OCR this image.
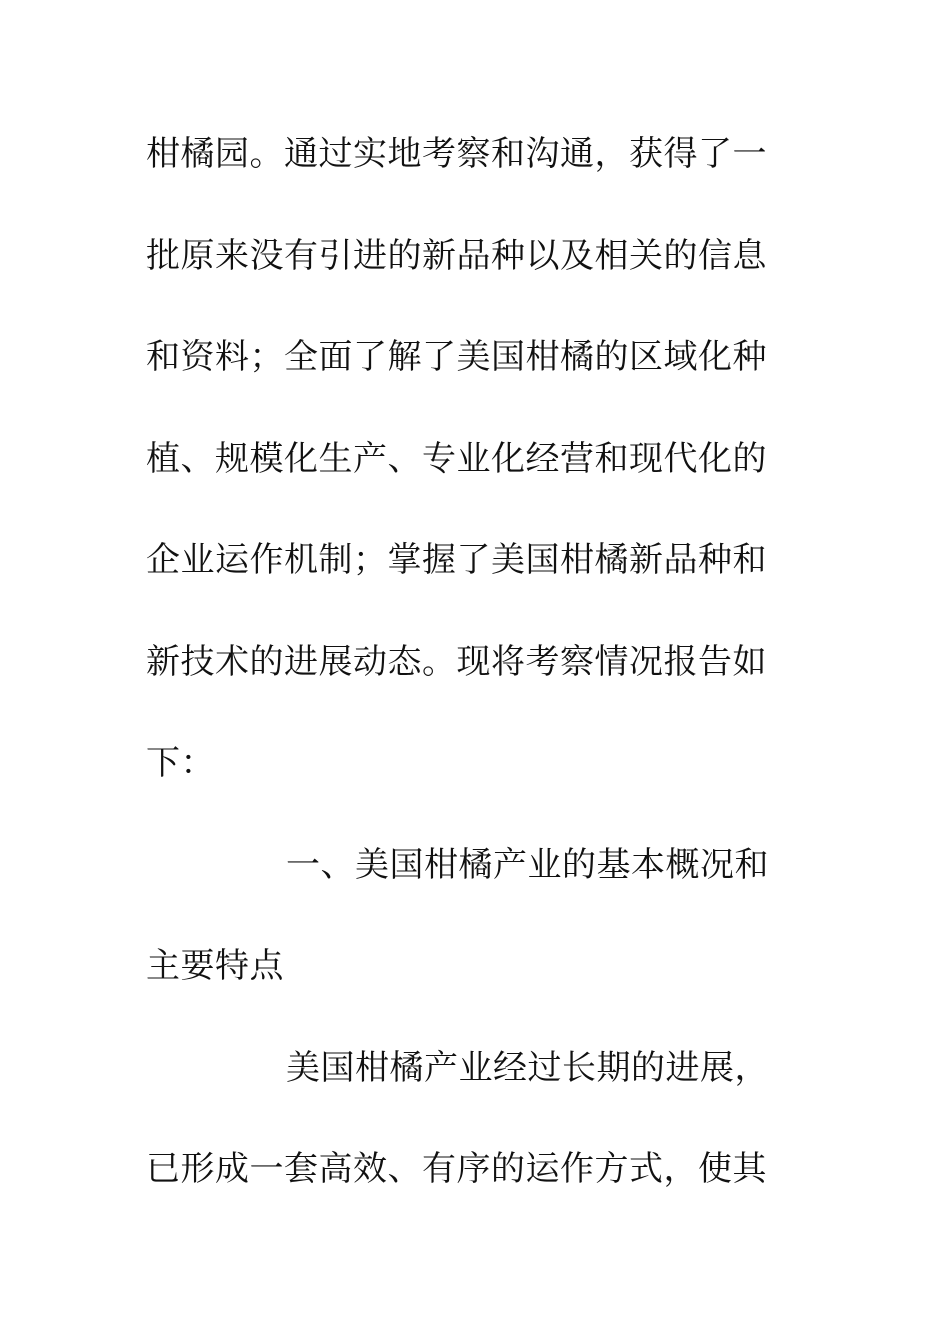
柑橘园。通过实地考察和沟通，获得了一
批原来没有引进的新品种以及相关的信息
和资料；全面了解了美国柑橘的区域化种
植、规模化生产、专业化经营和现代化的
企业运作机制；掌握了美国柑橘新品种和
新技术的进展动态。现将考察情况报告如
下：
一、美国柑橘产业的基本概况和
主要特点
美国柑橘产业经过长期的进展，
已形成一套高效、有序的运作方式，使其
